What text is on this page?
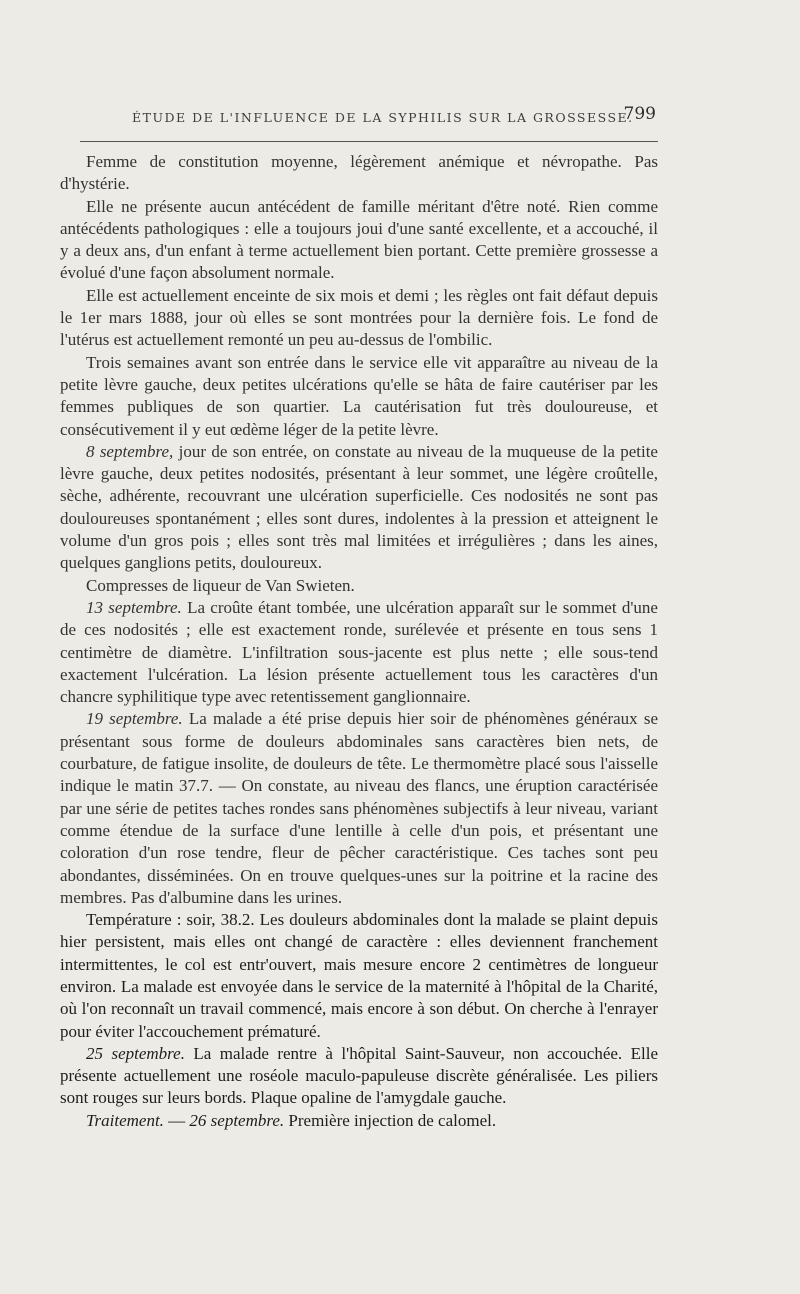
ÉTUDE DE L'INFLUENCE DE LA SYPHILIS SUR LA GROSSESSE.
799

Femme de constitution moyenne, légèrement anémique et névropathe. Pas d'hystérie.

Elle ne présente aucun antécédent de famille méritant d'être noté. Rien comme antécédents pathologiques : elle a toujours joui d'une santé excellente, et a accouché, il y a deux ans, d'un enfant à terme actuellement bien portant. Cette première grossesse a évolué d'une façon absolument normale.

Elle est actuellement enceinte de six mois et demi ; les règles ont fait défaut depuis le 1er mars 1888, jour où elles se sont montrées pour la dernière fois. Le fond de l'utérus est actuellement remonté un peu au-dessus de l'ombilic.

Trois semaines avant son entrée dans le service elle vit apparaître au niveau de la petite lèvre gauche, deux petites ulcérations qu'elle se hâta de faire cautériser par les femmes publiques de son quartier. La cautérisation fut très douloureuse, et consécutivement il y eut œdème léger de la petite lèvre.

8 septembre, jour de son entrée, on constate au niveau de la muqueuse de la petite lèvre gauche, deux petites nodosités, présentant à leur sommet, une légère croûtelle, sèche, adhérente, recouvrant une ulcération superficielle. Ces nodosités ne sont pas douloureuses spontanément ; elles sont dures, indolentes à la pression et atteignent le volume d'un gros pois ; elles sont très mal limitées et irrégulières ; dans les aines, quelques ganglions petits, douloureux.

Compresses de liqueur de Van Swieten.

13 septembre. La croûte étant tombée, une ulcération apparaît sur le sommet d'une de ces nodosités ; elle est exactement ronde, surélevée et présente en tous sens 1 centimètre de diamètre. L'infiltration sous-jacente est plus nette ; elle sous-tend exactement l'ulcération. La lésion présente actuellement tous les caractères d'un chancre syphilitique type avec retentissement ganglionnaire.

19 septembre. La malade a été prise depuis hier soir de phénomènes généraux se présentant sous forme de douleurs abdominales sans caractères bien nets, de courbature, de fatigue insolite, de douleurs de tête. Le thermomètre placé sous l'aisselle indique le matin 37.7. — On constate, au niveau des flancs, une éruption caractérisée par une série de petites taches rondes sans phénomènes subjectifs à leur niveau, variant comme étendue de la surface d'une lentille à celle d'un pois, et présentant une coloration d'un rose tendre, fleur de pêcher caractéristique. Ces taches sont peu abondantes, disséminées. On en trouve quelques-unes sur la poitrine et la racine des membres. Pas d'albumine dans les urines.

Température : soir, 38.2. Les douleurs abdominales dont la malade se plaint depuis hier persistent, mais elles ont changé de caractère : elles deviennent franchement intermittentes, le col est entr'ouvert, mais mesure encore 2 centimètres de longueur environ. La malade est envoyée dans le service de la maternité à l'hôpital de la Charité, où l'on reconnaît un travail commencé, mais encore à son début. On cherche à l'enrayer pour éviter l'accouchement prématuré.

25 septembre. La malade rentre à l'hôpital Saint-Sauveur, non accouchée. Elle présente actuellement une roséole maculo-papuleuse discrète généralisée. Les piliers sont rouges sur leurs bords. Plaque opaline de l'amygdale gauche.

Traitement. — 26 septembre. Première injection de calomel.
